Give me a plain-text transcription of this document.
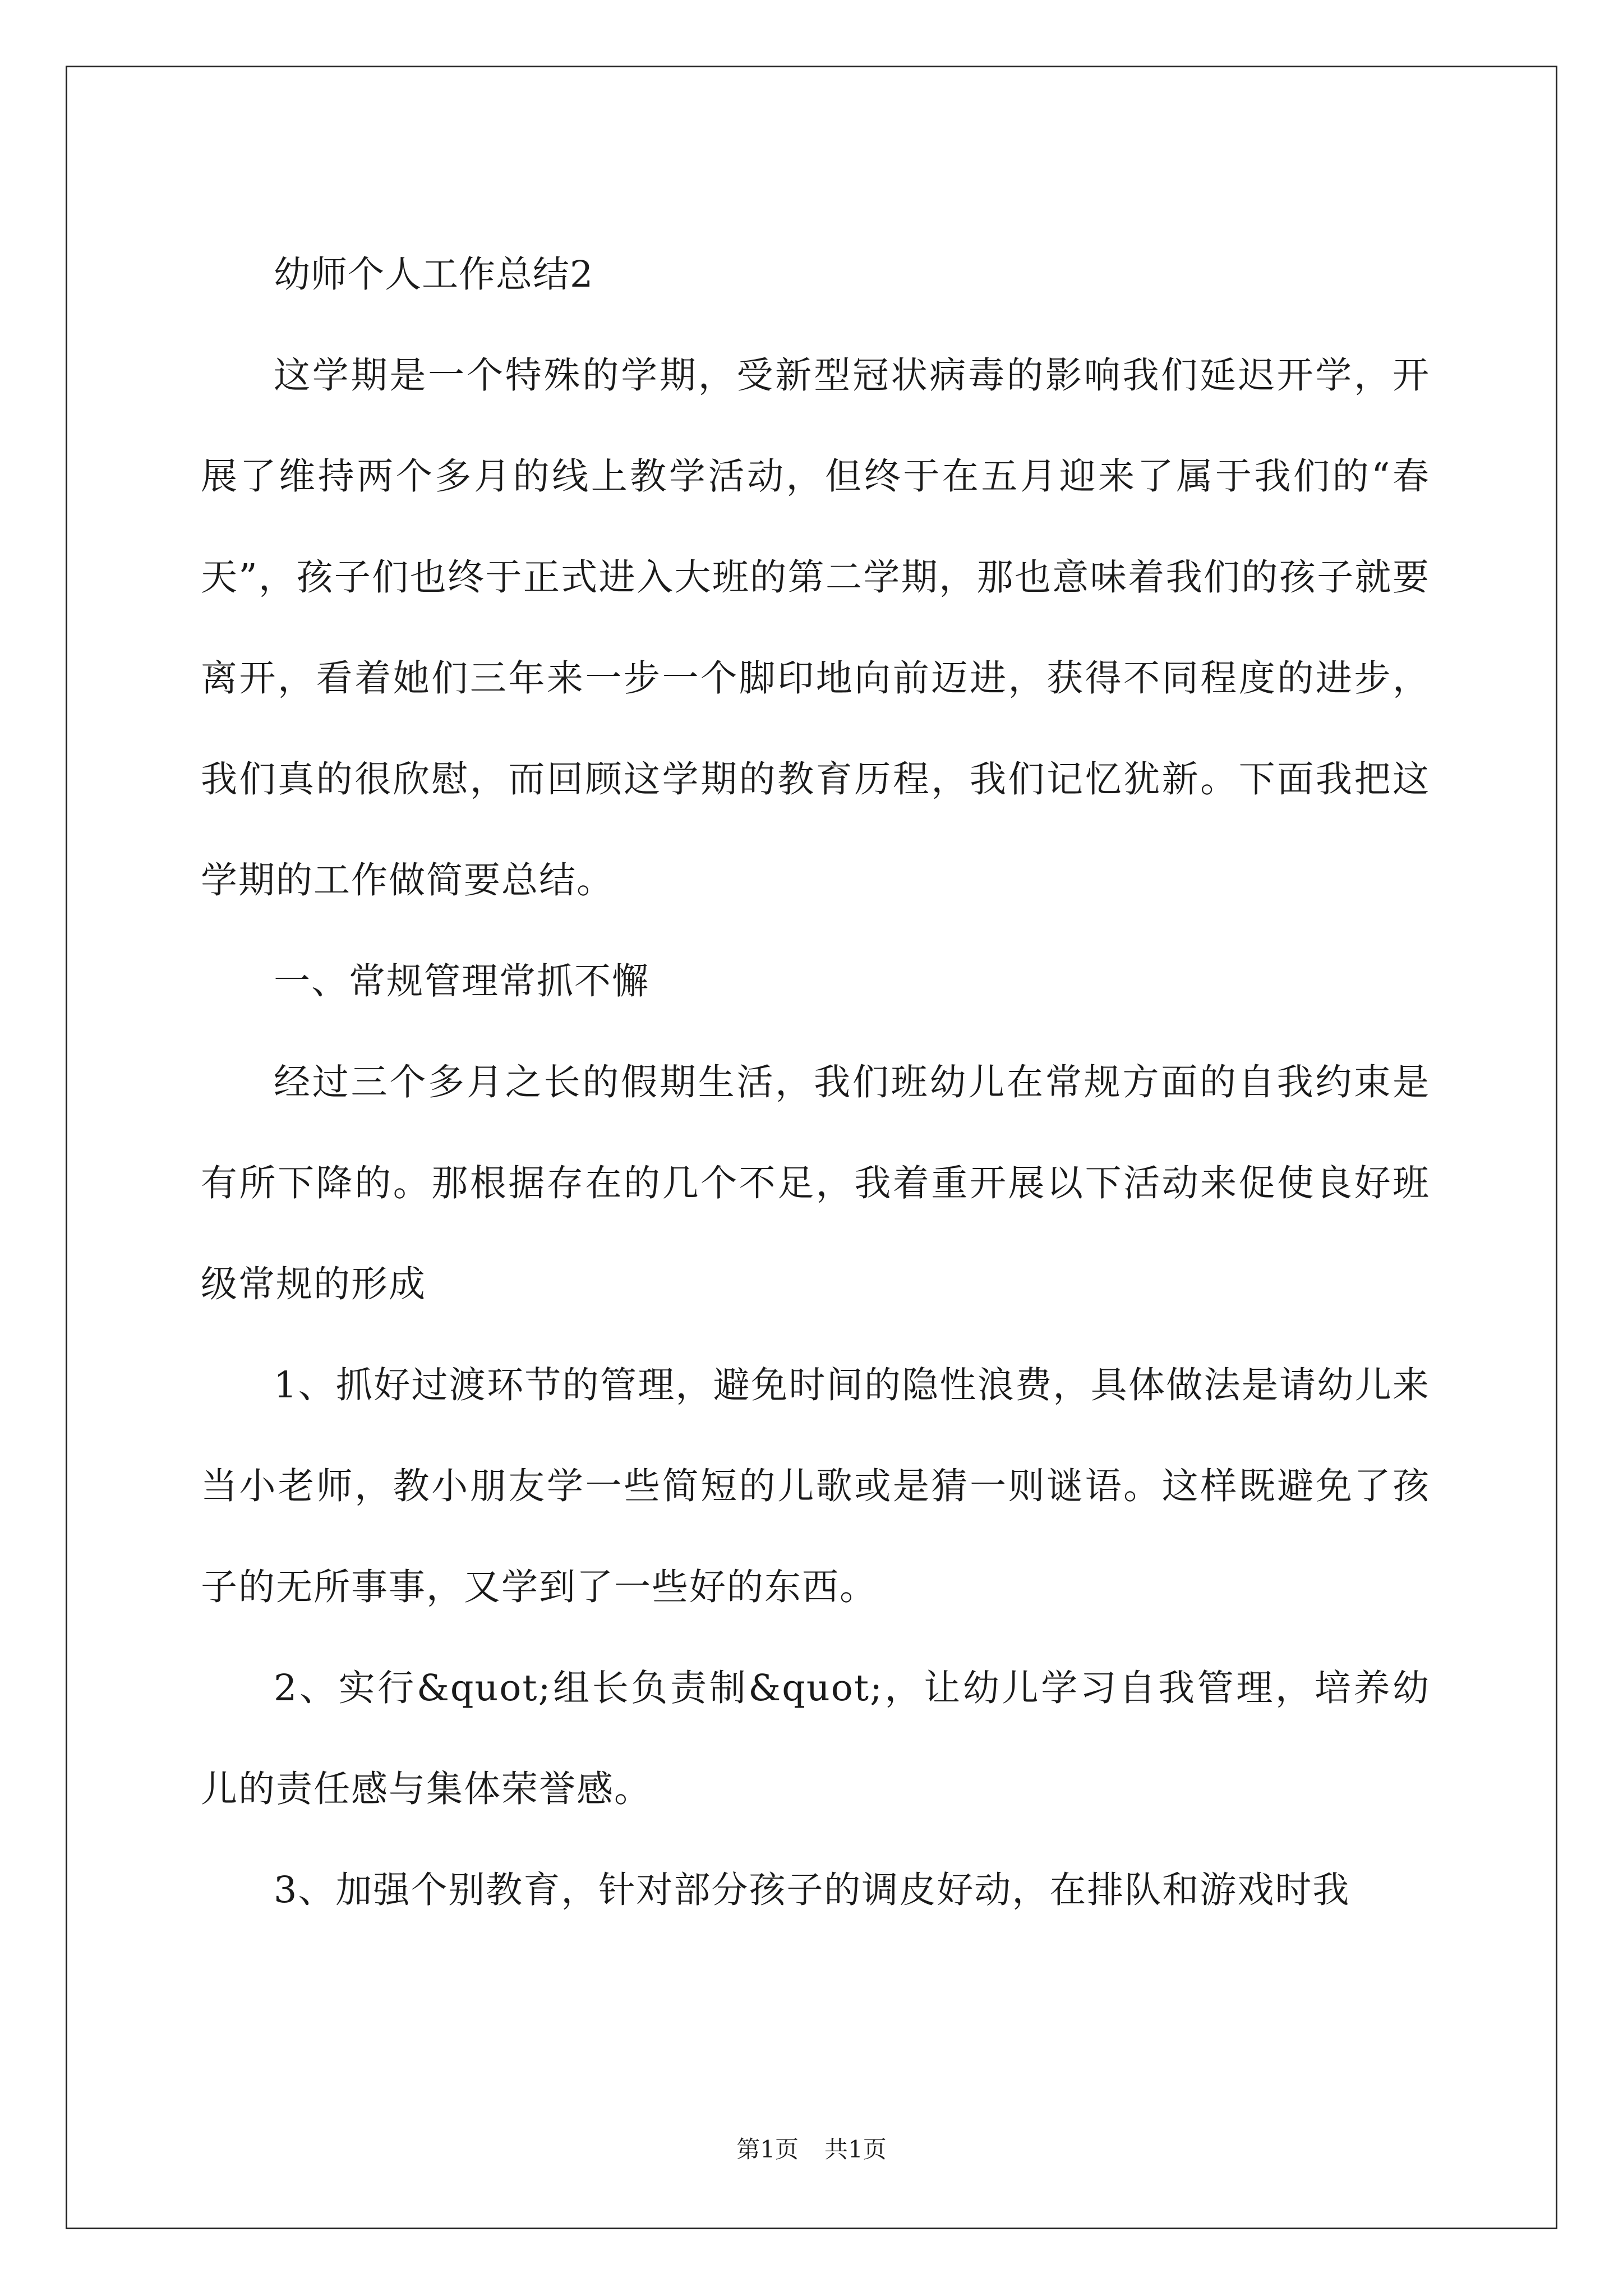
幼师个人工作总结2

这学期是一个特殊的学期，受新型冠状病毒的影响我们延迟开学，开展了维持两个多月的线上教学活动，但终于在五月迎来了属于我们的“春天”，孩子们也终于正式进入大班的第二学期，那也意味着我们的孩子就要离开，看着她们三年来一步一个脚印地向前迈进，获得不同程度的进步，我们真的很欣慰，而回顾这学期的教育历程，我们记忆犹新。下面我把这学期的工作做简要总结。

一、常规管理常抓不懈

经过三个多月之长的假期生活，我们班幼儿在常规方面的自我约束是有所下降的。那根据存在的几个不足，我着重开展以下活动来促使良好班级常规的形成

1、抓好过渡环节的管理，避免时间的隐性浪费，具体做法是请幼儿来当小老师，教小朋友学一些简短的儿歌或是猜一则谜语。这样既避免了孩子的无所事事，又学到了一些好的东西。

2、实行&quot;组长负责制&quot;，让幼儿学习自我管理，培养幼儿的责任感与集体荣誉感。

3、加强个别教育，针对部分孩子的调皮好动，在排队和游戏时我

第1页 共1页
